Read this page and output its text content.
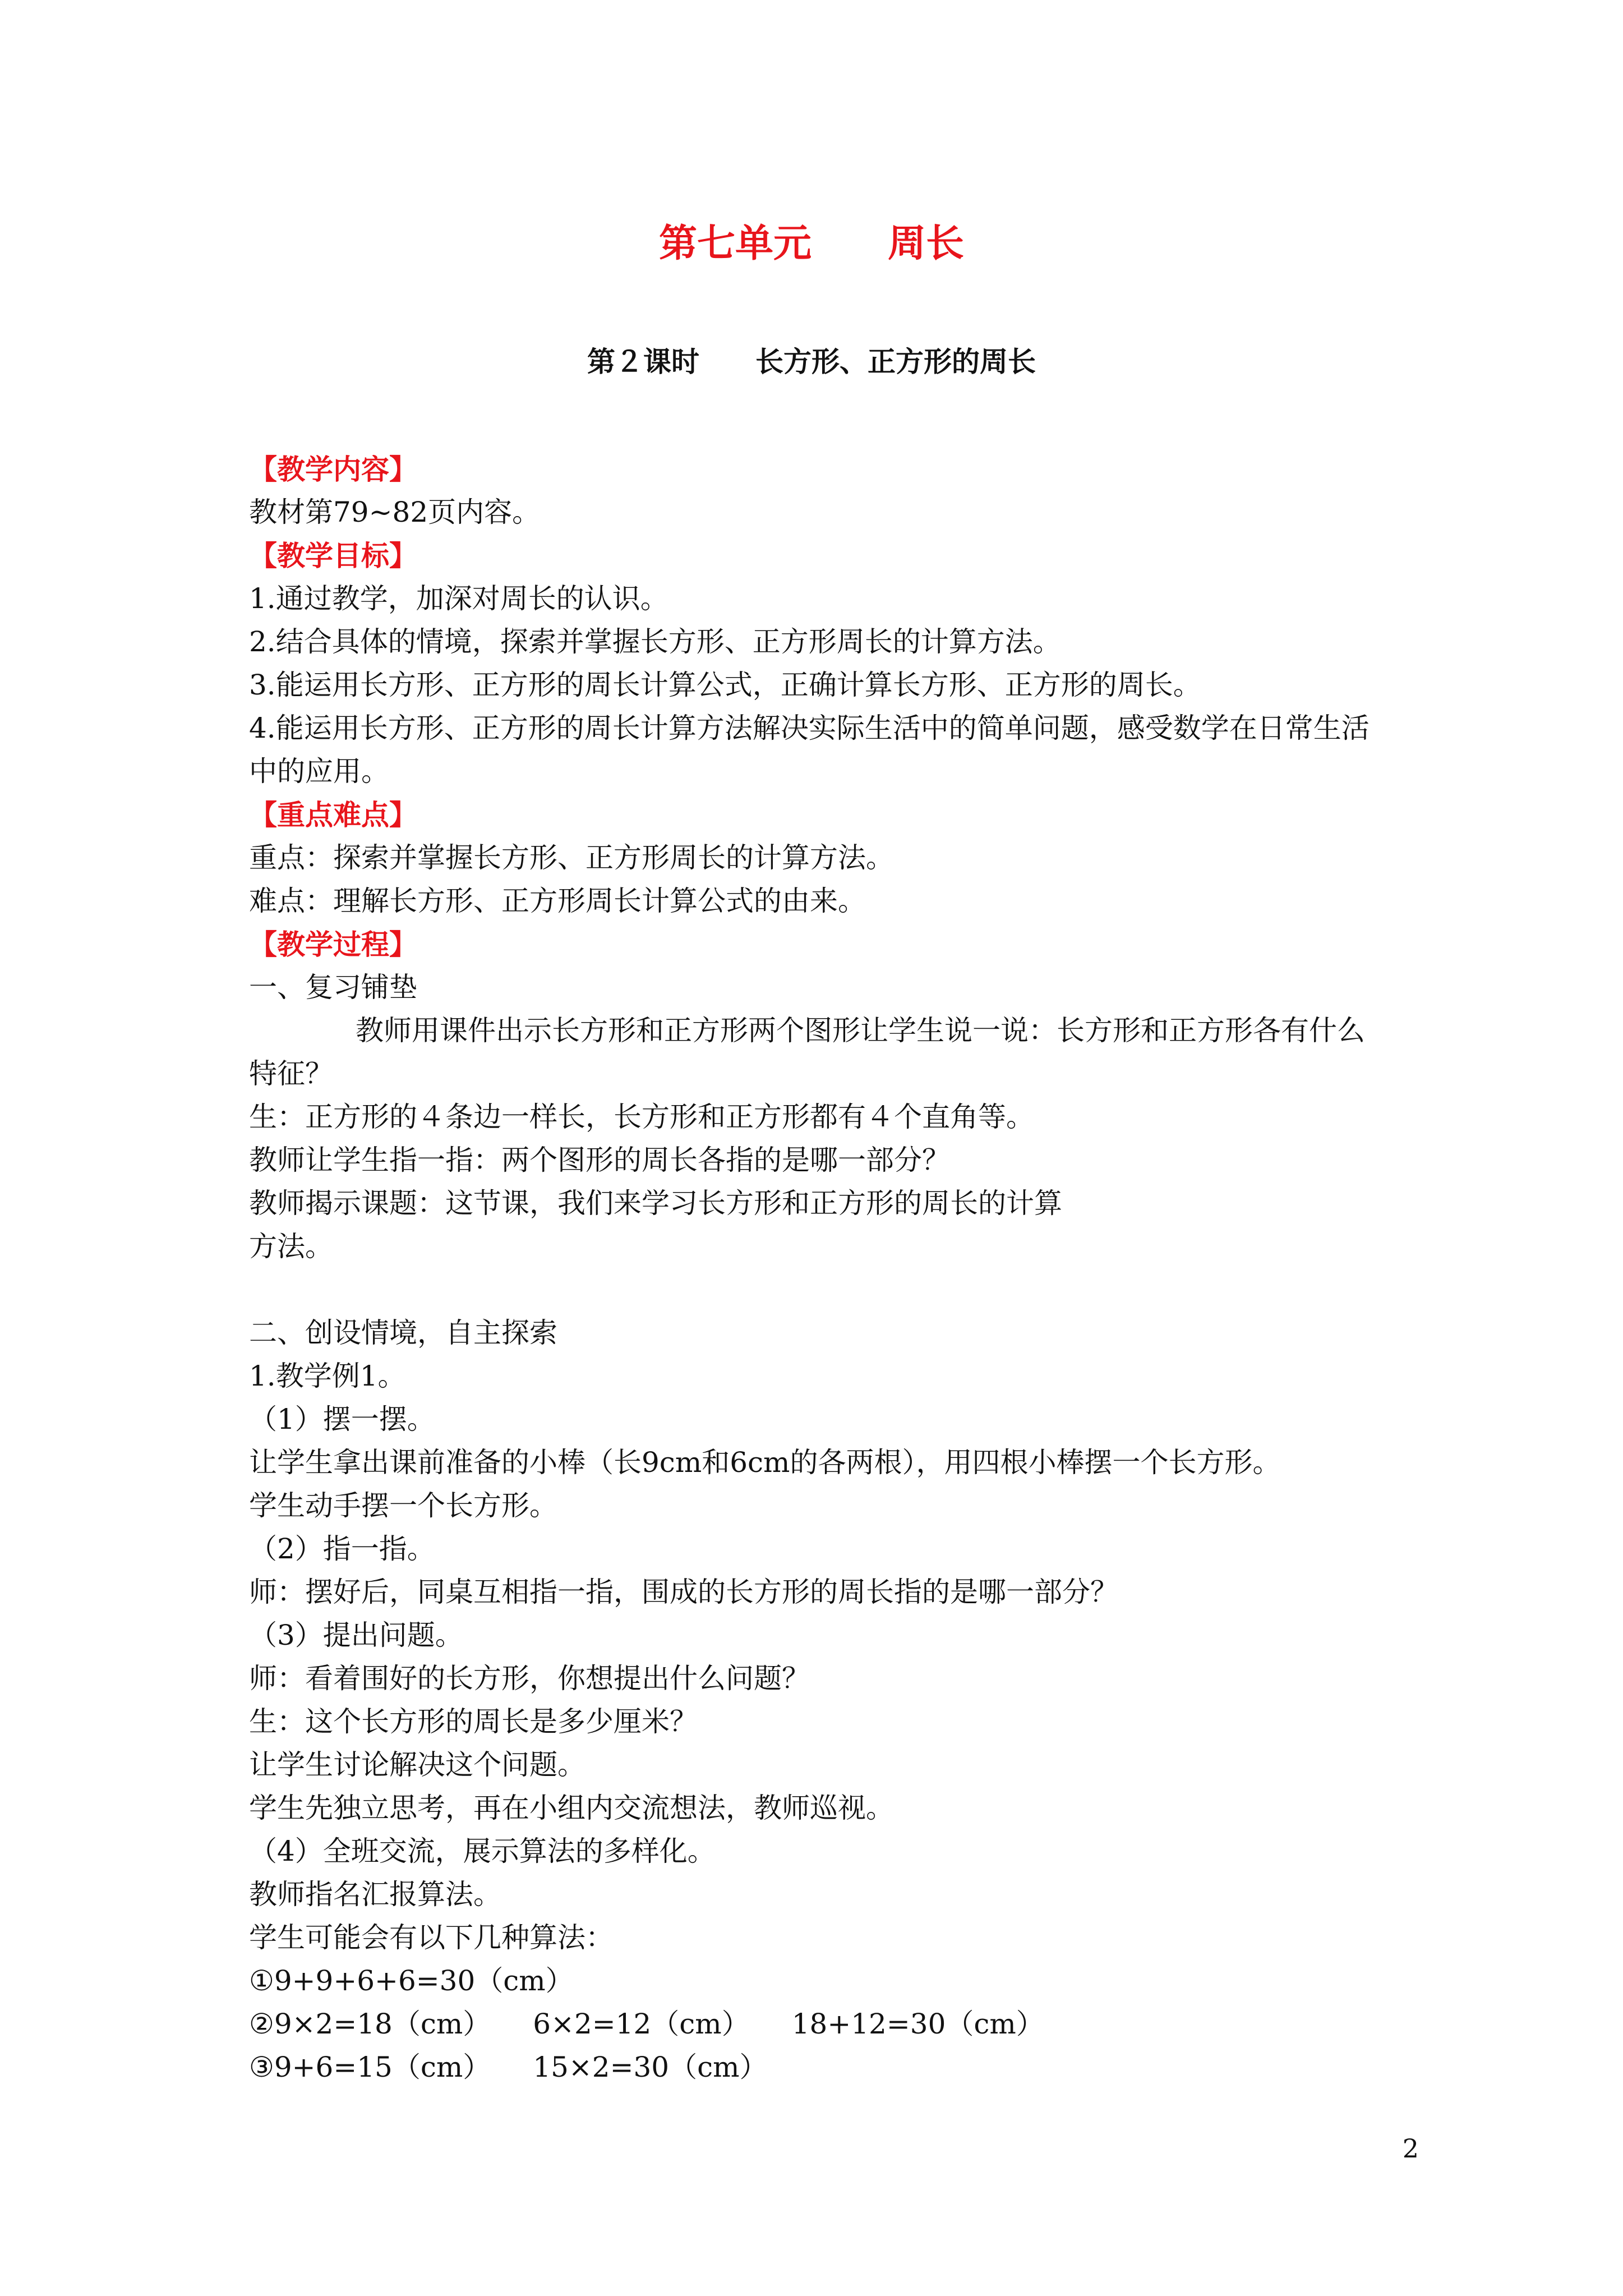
第七单元　　周长
第２课时　　长方形、正方形的周长

【教学内容】

教材第79~82页内容。

【教学目标】

1.通过教学，加深对周长的认识。

2.结合具体的情境，探索并掌握长方形、正方形周长的计算方法。

3.能运用长方形、正方形的周长计算公式，正确计算长方形、正方形的周长。

4.能运用长方形、正方形的周长计算方法解决实际生活中的简单问题，感受数学在日常生活

中的应用。

【重点难点】

重点：探索并掌握长方形、正方形周长的计算方法。

难点：理解长方形、正方形周长计算公式的由来。

【教学过程】

一、复习铺垫

教师用课件出示长方形和正方形两个图形让学生说一说：长方形和正方形各有什么

特征？

生：正方形的４条边一样长，长方形和正方形都有４个直角等。

教师让学生指一指：两个图形的周长各指的是哪一部分？

教师揭示课题：这节课，我们来学习长方形和正方形的周长的计算

方法。

二、创设情境，自主探索

1.教学例1。

（1）摆一摆。

让学生拿出课前准备的小棒（长9cm和6cm的各两根），用四根小棒摆一个长方形。

学生动手摆一个长方形。

（2）指一指。

师：摆好后，同桌互相指一指，围成的长方形的周长指的是哪一部分？

（3）提出问题。

师：看着围好的长方形，你想提出什么问题？

生：这个长方形的周长是多少厘米？

让学生讨论解决这个问题。

学生先独立思考，再在小组内交流想法，教师巡视。

（4）全班交流，展示算法的多样化。

教师指名汇报算法。

学生可能会有以下几种算法：

①9+9+6+6=30（cm）

②9×2=18（cm）　　6×2=12（cm）　　18+12=30（cm）

③9+6=15（cm）　　15×2=30（cm）

2
